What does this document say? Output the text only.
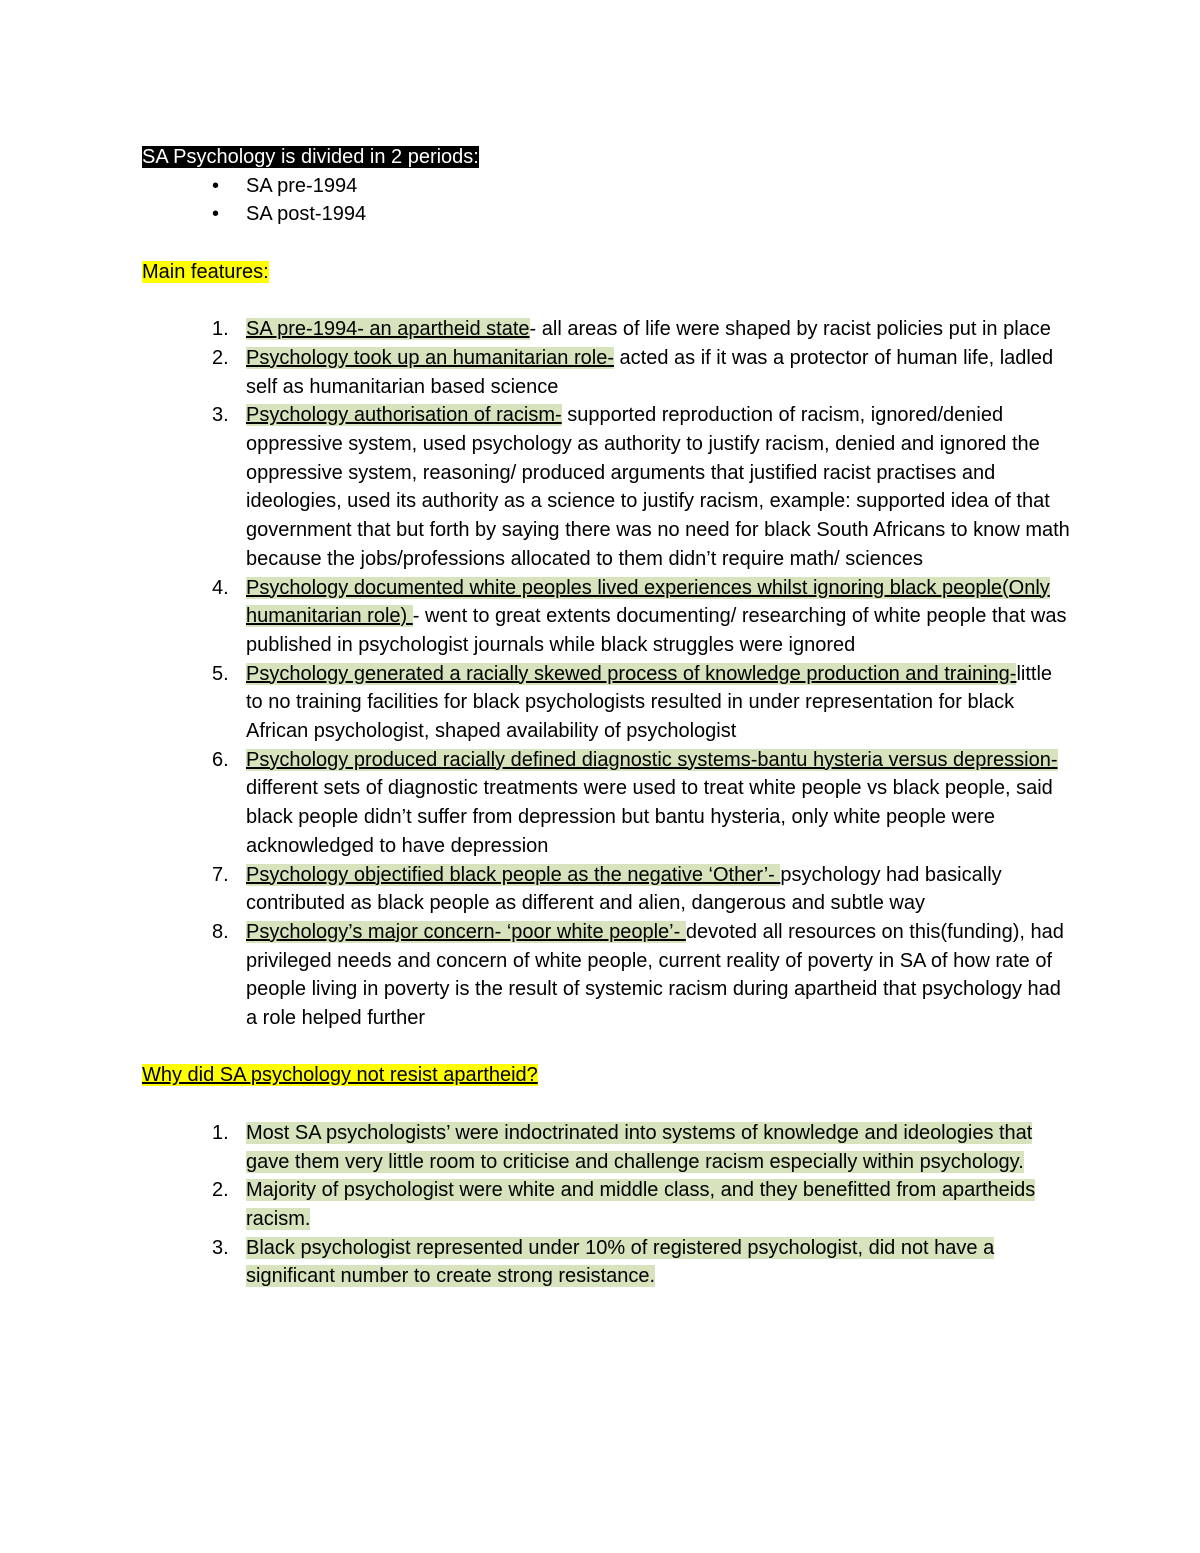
SA Psychology is divided in 2 periods:

• SA pre-1994
• SA post-1994

Main features:

1. SA pre-1994- an apartheid state- all areas of life were shaped by racist policies put in place
2. Psychology took up an humanitarian role- acted as if it was a protector of human life, ladled self as humanitarian based science
3. Psychology authorisation of racism- supported reproduction of racism, ignored/denied oppressive system, used psychology as authority to justify racism, denied and ignored the oppressive system, reasoning/ produced arguments that justified racist practises and ideologies, used its authority as a science to justify racism, example: supported idea of that government that but forth by saying there was no need for black South Africans to know math because the jobs/professions allocated to them didn’t require math/ sciences
4. Psychology documented white peoples lived experiences whilst ignoring black people(Only humanitarian role) - went to great extents documenting/ researching of white people that was published in psychologist journals while black struggles were ignored
5. Psychology generated a racially skewed process of knowledge production and training-little to no training facilities for black psychologists resulted in under representation for black African psychologist, shaped availability of psychologist
6. Psychology produced racially defined diagnostic systems-bantu hysteria versus depression- different sets of diagnostic treatments were used to treat white people vs black people, said black people didn’t suffer from depression but bantu hysteria, only white people were acknowledged to have depression
7. Psychology objectified black people as the negative ‘Other’- psychology had basically contributed as black people as different and alien, dangerous and subtle way
8. Psychology’s major concern- ‘poor white people’- devoted all resources on this(funding), had privileged needs and concern of white people, current reality of poverty in SA of how rate of people living in poverty is the result of systemic racism during apartheid that psychology had a role helped further

Why did SA psychology not resist apartheid?

1. Most SA psychologists’ were indoctrinated into systems of knowledge and ideologies that gave them very little room to criticise and challenge racism especially within psychology.
2. Majority of psychologist were white and middle class, and they benefitted from apartheids racism.
3. Black psychologist represented under 10% of registered psychologist, did not have a significant number to create strong resistance.
